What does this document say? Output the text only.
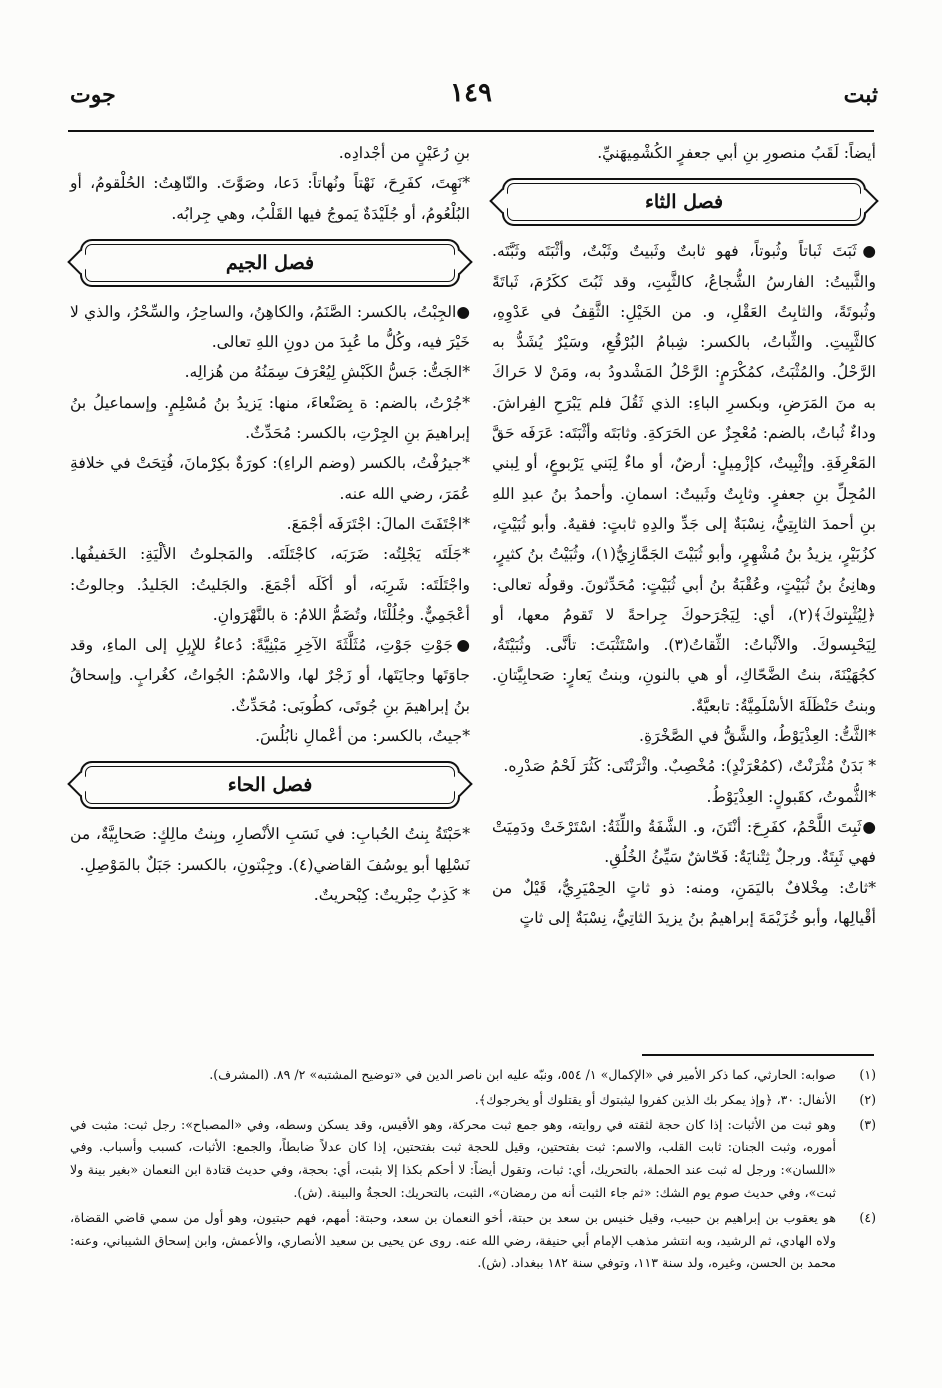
ثبت
١٤٩
جوت

أيضاً: لَقَبُ منصورِ بنِ أبي جعفرٍ الكُشْمِيهَنيِّ.

فصل الثاء

●ثَبَتَ ثَباتاً وثُبوتاً، فهو ثابتٌ وثَبيتٌ وثَبْتٌ، وأثْبَتَه وثَبَّتَه. والثَّبيتُ: الفارسُ الشُّجاعُ، كالثَّبِتِ، وقد ثَبُتَ ككَرُمَ، ثَباتَةً وثُبوتَةً، والثابِتُ العَقْلِ، و. من الخَيْلِ: الثَّقِفُ في عَدْوِهِ، كالثَّبِيتِ. والثِّباتُ، بالكسر: شِبامُ البُرْقُعِ، وسَيْرٌ يُشَدُّ به الرَّحْلُ. والمُثْبَتُ، كمُكْرَمٍ: الرَّحْلُ المَشْدودُ به، ومَنْ لا حَراكَ به منَ المَرَضِ، وبكسرِ الباءِ: الذي ثَقُلَ فلم يَبْرَحِ الفِراشَ. وداءٌ ثُباتٌ، بالضم: مُعْجِزٌ عن الحَرَكةِ. وثابَتَه وأثْبَتَه: عَرَفَه حَقَّ المَعْرِفَةِ. وإثْبِيتٌ، كإزْمِيلٍ: أرضٌ، أو ماءٌ لِبَني يَرْبوعٍ، أو لِبني المُجِلِّ بنِ جعفرٍ. وثابِتٌ وثَبيتٌ: اسمانِ. وأحمدُ بنُ عبدِ اللهِ بنِ أحمدَ الثابِتِيُّ، نِسْبَةٌ إلى جَدِّ والدِهِ ثابتٍ: فقيهٌ. وأبو ثُبَيْتٍ، كزُبَيْرٍ، يزيدُ بنُ مُشْهِرٍ، وأبو ثُبَيْتَ الجَمَّازِيُّ(١)، وثُبَيْتُ بنُ كثيرٍ، وهانِئُ بنُ ثُبَيْتٍ، وعُقْبَةُ بنُ أبي ثُبَيْتٍ: مُحَدِّثونَ. وقولُه تعالى: ﴿لِيُثْبِتوكَ﴾(٢)، أي: لِيَجْرَحوكَ جِراحةً لا تَقومُ معها، أو لِيَحْبِسوكَ. والأثْباتُ: الثِّقاتُ(٣). واسْتَثْبَتَ: تأنَّى. وثُبَيْتَةُ، كجُهَيْنَةَ، بنتُ الضَّحّاكِ، أو هي بالنونِ، وبنتُ يَعارٍ: صَحابِيَّتانِ. وبنتُ حَنْظَلَةَ الأسْلَمِيَّةُ: تابعيَّةٌ.

*الثَّتُّ: العِذْيَوْطُ، والشَّقُّ في الصَّخْرَةِ.

* بَدَنٌ مُثْرَنْتٌ، (كمُعْرَنْدٍ): مُخْصِبٌ. واثْرَنْتَى: كَثُرَ لَحْمُ صَدْرِه.

*الثُّموتُ، كقَبولٍ: العِذْيَوْطُ.

●ثَبِتَ اللَّحْمُ، كفَرِحَ: أنْتَنَ، و. الشَّفَةُ واللِّثَةُ: اسْتَرْخَتْ ودَمِيَتْ فهي ثَبِتَةٌ. ورجلٌ ثِتْنايَةٌ: فَحّاشٌ سَيِّئُ الخُلُقِ.

*ثاتٌ: مِخْلافٌ باليَمَنِ، ومنه: ذو ثاتٍ الحِمْيَرِيُّ، قَيْلٌ من أقْيالِها، وأبو خُزَيْمَةَ إبراهيمُ بنُ يزيدَ الثاتِيُّ، نِسْبَةٌ إلى ثاتٍ

بنِ رُعَيْنٍ من أجْدادِه.

*نَهِتَ، كفَرِحَ، نَهْتاً ونُهاتاً: دَعا، وصَوَّتَ. والنّاهِتُ: الحُلْقومُ، أو البُلْعُومُ، أو جُلَيْدَةٌ يَموجُ فيها القَلْبُ، وهي جِرابُه.

فصل الجيم

●الجِبْتُ، بالكسر: الصَّنَمُ، والكاهِنُ، والساحِرُ، والسِّحْرُ، والذي لا خَيْرَ فيه، وكُلُّ ما عُبِدَ من دونِ اللهِ تعالى.

*الجَتُّ: جَسُّ الكَبْشِ لِيُعْرَفَ سِمَنُهُ من هُزالِه.

*جُرْتُ، بالضم: ة بِصَنْعاءَ، منها: يَزيدُ بنُ مُسْلِمٍ. وإسماعيلُ بنُ إبراهيمَ بنِ الجِرْتِ، بالكسر: مُحَدِّثٌ.

*جيرُفْتُ، بالكسر (وضم الراءِ): كورَةٌ بكِرْمانَ، فُتِحَتْ في خلافةِ عُمَرَ، رضي الله عنه.

*اجْتَفَتَ المالَ: اجْتَرَفَه أجْمَعَ.

*جَلَتَه يَجْلِتُه: ضَرَبَه، كاجْتَلَتَه. والمَجلوتُ الألْيَةِ: الخَفيفُها. واجْتَلَتَه: شَرِبَه، أو أكَلَه أجْمَعَ. والجَليتُ: الجَليدُ. وجالوتُ: أعْجَمِيٌّ. وجُلُلْتَا، وتُضَمُّ اللامُ: ة بالنَّهْرَوانِ.

●جَوْتِ جَوْتِ، مُثَلَّثَةَ الآخِرِ مَبْنِيَّةً: دُعاءُ للإِبِلِ إلى الماءِ، وقد جاوَتَها وجايَتَها، أو زَجْرٌ لها، والاسْمُ: الجُواتُ، كغُرابٍ. وإسحاقُ بنُ إبراهيمَ بنِ جُوتَى، كطُوبَى: مُحَدِّثٌ.

*جيتُ، بالكسر: من أعْمالِ نابُلُسَ.

فصل الحاء

*حَبْتَةُ بِنتُ الحُبابِ: في نَسَبِ الأنْصارِ، وبِنتُ مالِكٍ: صَحابِيَّةٌ، من نَسْلِها أبو يوسُفَ القاضي(٤). وجِبْتونِ، بالكسر: جَبَلٌ بالمَوْصِلِ.

* كَذِبٌ حِبْريتٌ: كِبْحريتٌ.

(١)
صوابه: الحارثي، كما ذكر الأمير في «الإكمال» ١/ ٥٥٤، ونبّه عليه ابن ناصر الدين في «توضيح المشتبه» ٢/ ٨٩. (المشرف).
(٢)
الأنفال: ٣٠، ﴿وإذ يمكر بك الذين كفروا ليثبتوك أو يقتلوك أو يخرجوك﴾.
(٣)
وهو ثبت من الأثبات: إذا كان حجة لثقته في روايته، وهو جمع ثبت محركة، وهو الأقيس، وقد يسكن وسطه، وفي «المصباح»: رجل ثبت: مثبت في أموره، وثبت الجنان: ثابت القلب، والاسم: ثبت بفتحتين، وقيل للحجة ثبت بفتحتين، إذا كان عدلاً ضابطاً، والجمع: الأثبات، كسبب وأسباب. وفي «اللسان»: ورجل له ثبت عند الحملة، بالتحريك، أي: ثبات، وتقول أيضاً: لا أحكم بكذا إلا بثبت، أي: بحجة، وفي حديث قتادة ابن النعمان «بغير بينة ولا ثبت»، وفي حديث صوم يوم الشك: «ثم جاء الثبت أنه من رمضان»، الثبت، بالتحريك: الحجةُ والبينة. (ش).
(٤)
هو يعقوب بن إبراهيم بن حبيب، وقيل خنيس بن سعد بن حبتة، أخو النعمان بن سعد، وحبتة: أمهم، فهم حبتيون، وهو أول من سمي قاضي القضاة، ولاه الهادي، ثم الرشيد، وبه انتشر مذهب الإمام أبي حنيفة، رضي الله عنه. روى عن يحيى بن سعيد الأنصاري، والأعمش، وابن إسحاق الشيباني، وعنه: محمد بن الحسن، وغيره، ولد سنة ١١٣، وتوفي سنة ١٨٢ ببغداد. (ش).
